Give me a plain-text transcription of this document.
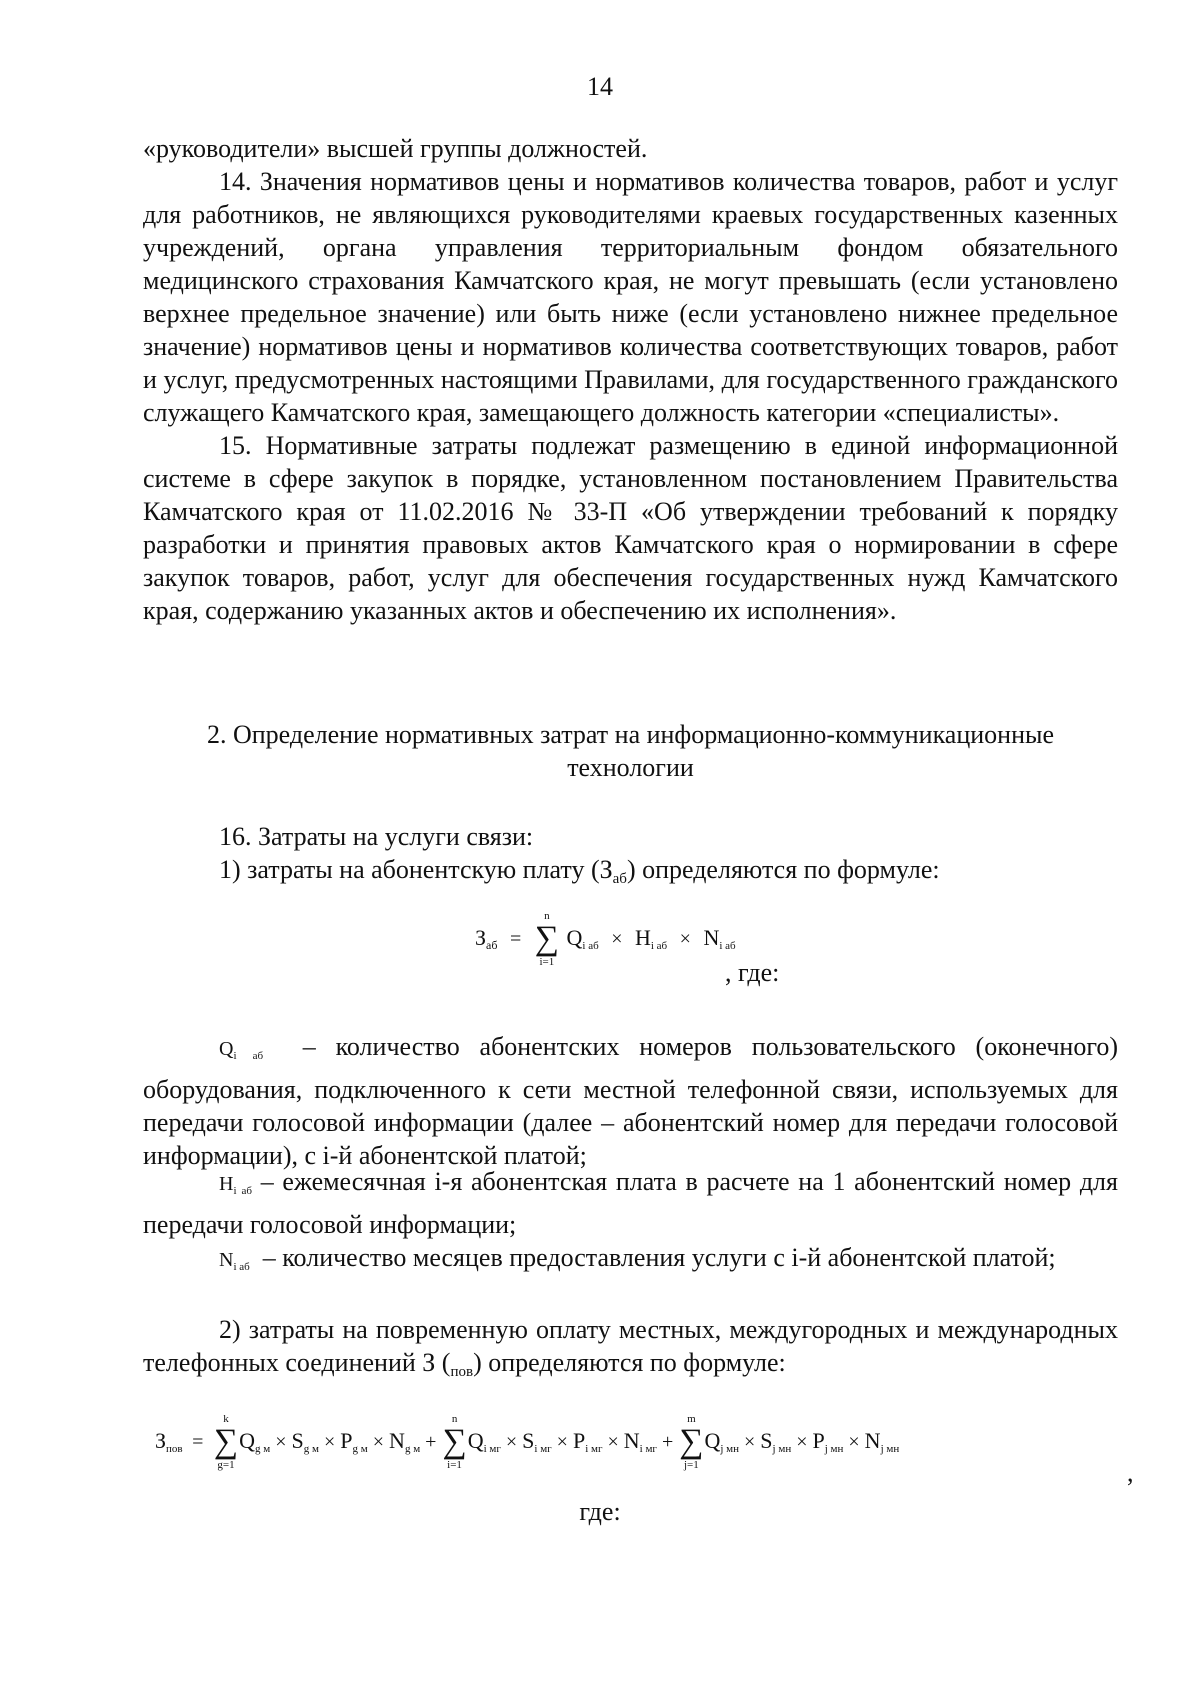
14

«руководители» высшей группы должностей.

14. Значения нормативов цены и нормативов количества товаров, работ и услуг для работников, не являющихся руководителями краевых государственных казенных учреждений, органа управления территориальным фондом обязательного медицинского страхования Камчатского края, не могут превышать (если установлено верхнее предельное значение) или быть ниже (если установлено нижнее предельное значение) нормативов цены и нормативов количества соответствующих товаров, работ и услуг, предусмотренных настоящими Правилами, для государственного гражданского служащего Камчатского края, замещающего должность категории «специалисты».

15. Нормативные затраты подлежат размещению в единой информационной системе в сфере закупок в порядке, установленном постановлением Правительства Камчатского края от 11.02.2016 № 33-П «Об утверждении требований к порядку разработки и принятия правовых актов Камчатского края о нормировании в сфере закупок товаров, работ, услуг для обеспечения государственных нужд Камчатского края, содержанию указанных актов и обеспечению их исполнения».

2. Определение нормативных затрат на информационно-коммуникационные технологии

16. Затраты на услуги связи:

1) затраты на абонентскую плату $(З_{аб})$ определяются по формуле:

$З_{аб}$ =
n
∑
i=1
Qi аб × Hi аб × Ni аб
, где:

Qi аб – количество абонентских номеров пользовательского (оконечного) оборудования, подключенного к сети местной телефонной связи, используемых для передачи голосовой информации (далее – абонентский номер для передачи голосовой информации), с i-й абонентской платой;

Hi аб – ежемесячная i-я абонентская плата в расчете на 1 абонентский номер для передачи голосовой информации;

Ni аб – количество месяцев предоставления услуги с i-й абонентской платой;

2) затраты на повременную оплату местных, междугородных и международных телефонных соединений З $(_{пов})$ определяются по формуле:

Зпов =
k
∑
g=1
Qg м × Sg м × Pg м × Ng м +
n
∑
i=1
Qi мг × Si мг × Pi мг × Ni мг +
m
∑
j=1
Qj мн × Sj мн × Pj мн × Nj мн
,
где:
